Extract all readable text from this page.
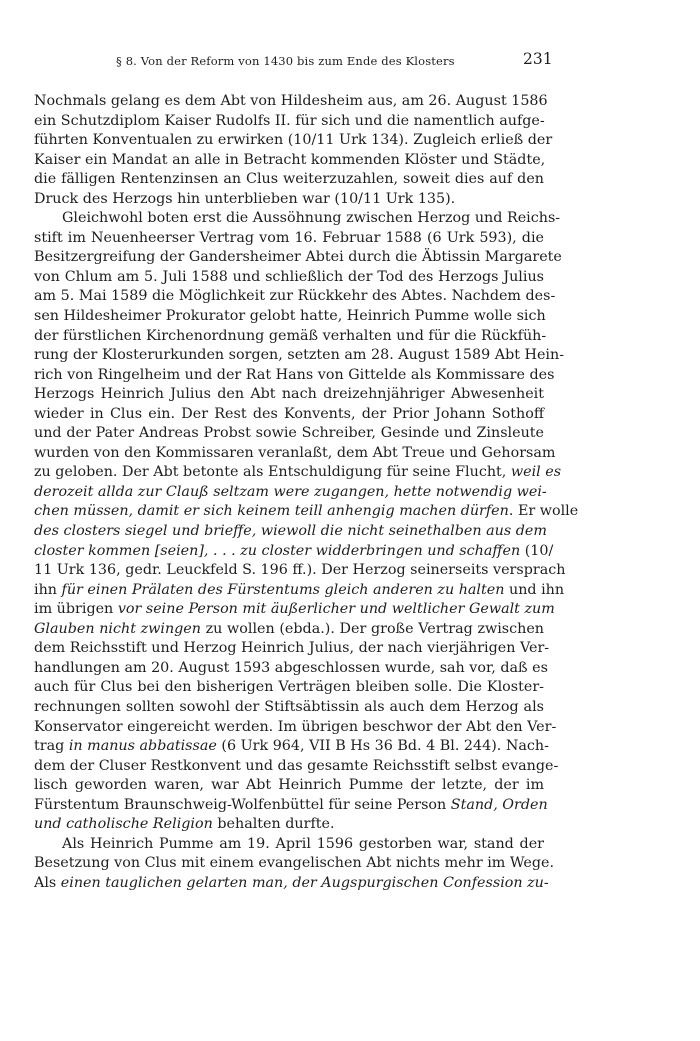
§ 8. Von der Reform von 1430 bis zum Ende des Klosters	231

Nochmals gelang es dem Abt von Hildesheim aus, am 26. August 1586
ein Schutzdiplom Kaiser Rudolfs II. für sich und die namentlich aufge-
führten Konventualen zu erwirken (10/11 Urk 134). Zugleich erließ der
Kaiser ein Mandat an alle in Betracht kommenden Klöster und Städte,
die fälligen Rentenzinsen an Clus weiterzuzahlen, soweit dies auf den
Druck des Herzogs hin unterblieben war (10/11 Urk 135).

Gleichwohl boten erst die Aussöhnung zwischen Herzog und Reichs-
stift im Neuenheerser Vertrag vom 16. Februar 1588 (6 Urk 593), die
Besitzergreifung der Gandersheimer Abtei durch die Äbtissin Margarete
von Chlum am 5. Juli 1588 und schließlich der Tod des Herzogs Julius
am 5. Mai 1589 die Möglichkeit zur Rückkehr des Abtes. Nachdem des-
sen Hildesheimer Prokurator gelobt hatte, Heinrich Pumme wolle sich
der fürstlichen Kirchenordnung gemäß verhalten und für die Rückfüh-
rung der Klosterurkunden sorgen, setzten am 28. August 1589 Abt Hein-
rich von Ringelheim und der Rat Hans von Gittelde als Kommissare des
Herzogs Heinrich Julius den Abt nach dreizehnjähriger Abwesenheit
wieder in Clus ein. Der Rest des Konvents, der Prior Johann Sothoff
und der Pater Andreas Probst sowie Schreiber, Gesinde und Zinsleute
wurden von den Kommissaren veranlaßt, dem Abt Treue und Gehorsam
zu geloben. Der Abt betonte als Entschuldigung für seine Flucht, weil es
derozeit allda zur Clauß seltzam were zugangen, hette notwendig wei-
chen müssen, damit er sich keinem teill anhengig machen dürfen. Er wolle
des closters siegel und brieffe, wiewoll die nicht seinethalben aus dem
closter kommen [seien], . . . zu closter widderbringen und schaffen (10/
11 Urk 136, gedr. Leuckfeld S. 196 ff.). Der Herzog seinerseits versprach
ihn für einen Prälaten des Fürstentums gleich anderen zu halten und ihn
im übrigen vor seine Person mit äußerlicher und weltlicher Gewalt zum
Glauben nicht zwingen zu wollen (ebda.). Der große Vertrag zwischen
dem Reichsstift und Herzog Heinrich Julius, der nach vierjährigen Ver-
handlungen am 20. August 1593 abgeschlossen wurde, sah vor, daß es
auch für Clus bei den bisherigen Verträgen bleiben solle. Die Kloster-
rechnungen sollten sowohl der Stiftsäbtissin als auch dem Herzog als
Konservator eingereicht werden. Im übrigen beschwor der Abt den Ver-
trag in manus abbatissae (6 Urk 964, VII B Hs 36 Bd. 4 Bl. 244). Nach-
dem der Cluser Restkonvent und das gesamte Reichsstift selbst evange-
lisch geworden waren, war Abt Heinrich Pumme der letzte, der im
Fürstentum Braunschweig-Wolfenbüttel für seine Person Stand, Orden
und catholische Religion behalten durfte.

Als Heinrich Pumme am 19. April 1596 gestorben war, stand der
Besetzung von Clus mit einem evangelischen Abt nichts mehr im Wege.
Als einen tauglichen gelarten man, der Augspurgischen Confession zu-
